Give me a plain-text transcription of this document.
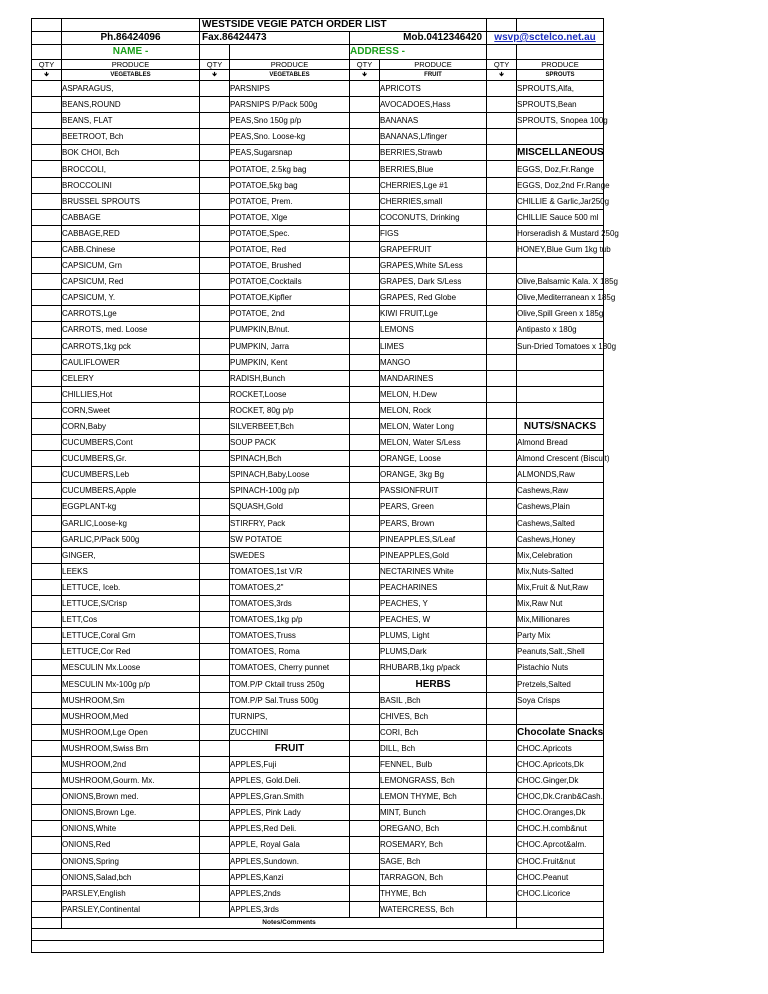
		WESTSIDE VEGIE PATCH ORDER LIST					
	Ph.86424096	Fax.86424473		Mob.0412346420		wsvp@sctelco.net.au	
	NAME -			ADDRESS -			
QTY	PRODUCE	QTY	PRODUCE	QTY	PRODUCE	QTY	PRODUCE
🡻	VEGETABLES	🡻	VEGETABLES	🡻	FRUIT	🡻	SPROUTS
	ASPARAGUS,		PARSNIPS		APRICOTS		SPROUTS,Alfa,
	BEANS,ROUND		PARSNIPS P/Pack 500g		AVOCADOES,Hass		SPROUTS,Bean
	BEANS, FLAT		PEAS,Sno 150g p/p		BANANAS		SPROUTS, Snopea 100g
	BEETROOT, Bch		PEAS,Sno. Loose-kg		BANANAS,L/finger		
	BOK CHOI, Bch		PEAS,Sugarsnap		BERRIES,Strawb		MISCELLANEOUS
	BROCCOLI,		POTATOE, 2.5kg bag		BERRIES,Blue		EGGS, Doz,Fr.Range
	BROCCOLINI		POTATOE,5kg bag		CHERRIES,Lge #1		EGGS, Doz,2nd Fr.Range
	BRUSSEL SPROUTS		POTATOE, Prem.		CHERRIES,small		CHILLIE & Garlic,Jar250g
	CABBAGE		POTATOE, Xlge		COCONUTS, Drinking		CHILLIE Sauce 500 ml
	CABBAGE,RED		POTATOE,Spec.		FIGS		Horseradish & Mustard 250g
	CABB.Chinese		POTATOE, Red		GRAPEFRUIT		HONEY,Blue Gum 1kg tub
	CAPSICUM, Grn		POTATOE, Brushed		GRAPES,White S/Less		
	CAPSICUM, Red		POTATOE,Cocktails		GRAPES, Dark S/Less		Olive,Balsamic Kala. X 185g
	CAPSICUM, Y.		POTATOE,Kipfler		GRAPES, Red Globe		Olive,Mediterranean x 185g
	CARROTS,Lge		POTATOE, 2nd		KIWI FRUIT,Lge		Olive,Spill Green x 185g
	CARROTS, med. Loose		PUMPKIN,B/nut.		LEMONS		Antipasto x 180g
	CARROTS,1kg pck		PUMPKIN, Jarra		LIMES		Sun-Dried Tomatoes x 180g
	CAULIFLOWER		PUMPKIN, Kent		MANGO		
	CELERY		RADISH,Bunch		MANDARINES		
	CHILLIES,Hot		ROCKET,Loose		MELON, H.Dew		
	CORN,Sweet		ROCKET, 80g p/p		MELON, Rock		
	CORN,Baby		SILVERBEET,Bch		MELON, Water Long		NUTS/SNACKS
	CUCUMBERS,Cont		SOUP PACK		MELON, Water S/Less		Almond Bread
	CUCUMBERS,Gr.		SPINACH,Bch		ORANGE, Loose		Almond Crescent (Biscuit)
	CUCUMBERS,Leb		SPINACH,Baby,Loose		ORANGE, 3kg Bg		ALMONDS,Raw
	CUCUMBERS,Apple		SPINACH-100g p/p		PASSIONFRUIT		Cashews,Raw
	EGGPLANT-kg		SQUASH,Gold		PEARS, Green		Cashews,Plain
	GARLIC,Loose-kg		STIRFRY, Pack		PEARS, Brown		Cashews,Salted
	GARLIC,P/Pack 500g		SW POTATOE		PINEAPPLES,S/Leaf		Cashews,Honey
	GINGER,		SWEDES		PINEAPPLES,Gold		Mix,Celebration
	LEEKS		TOMATOES,1st V/R		NECTARINES White		Mix,Nuts-Salted
	LETTUCE, Iceb.		TOMATOES,2"		PEACHARINES		Mix,Fruit & Nut,Raw
	LETTUCE,S/Crisp		TOMATOES,3rds		PEACHES, Y		Mix,Raw Nut
	LETT,Cos		TOMATOES,1kg p/p		PEACHES, W		Mix,Millionares
	LETTUCE,Coral Grn		TOMATOES,Truss		PLUMS, Light		Party Mix
	LETTUCE,Cor Red		TOMATOES, Roma		PLUMS,Dark		Peanuts,Salt.,Shell
	MESCULIN Mx.Loose		TOMATOES, Cherry punnet		RHUBARB,1kg p/pack		Pistachio Nuts
	MESCULIN Mx-100g p/p		TOM.P/P Cktail truss 250g		HERBS		Pretzels,Salted
	MUSHROOM,Sm		TOM.P/P Sal.Truss 500g		BASIL ,Bch		Soya Crisps
	MUSHROOM,Med		TURNIPS,		CHIVES, Bch		
	MUSHROOM,Lge Open		ZUCCHINI		CORI, Bch		Chocolate Snacks
	MUSHROOM,Swiss Brn		FRUIT		DILL, Bch		CHOC.Apricots
	MUSHROOM,2nd		APPLES,Fuji		FENNEL, Bulb		CHOC.Apricots,Dk
	MUSHROOM,Gourm. Mx.		APPLES, Gold.Deli.		LEMONGRASS, Bch		CHOC.Ginger,Dk
	ONIONS,Brown med.		APPLES,Gran.Smith		LEMON THYME, Bch		CHOC,Dk.Cranb&Cash.
	ONIONS,Brown Lge.		APPLES, Pink Lady		MINT, Bunch		CHOC.Oranges,Dk
	ONIONS,White		APPLES,Red Deli.		OREGANO, Bch		CHOC.H.comb&nut
	ONIONS,Red		APPLE, Royal Gala		ROSEMARY, Bch		CHOC.Aprcot&alm.
	ONIONS,Spring		APPLES,Sundown.		SAGE, Bch		CHOC.Fruit&nut
	ONIONS,Salad,bch		APPLES,Kanzi		TARRAGON, Bch		CHOC.Peanut
	PARSLEY,English		APPLES,2nds		THYME, Bch		CHOC.Licorice
	PARSLEY,Continental		APPLES,3rds		WATERCRESS, Bch		
	Notes/Comments						
